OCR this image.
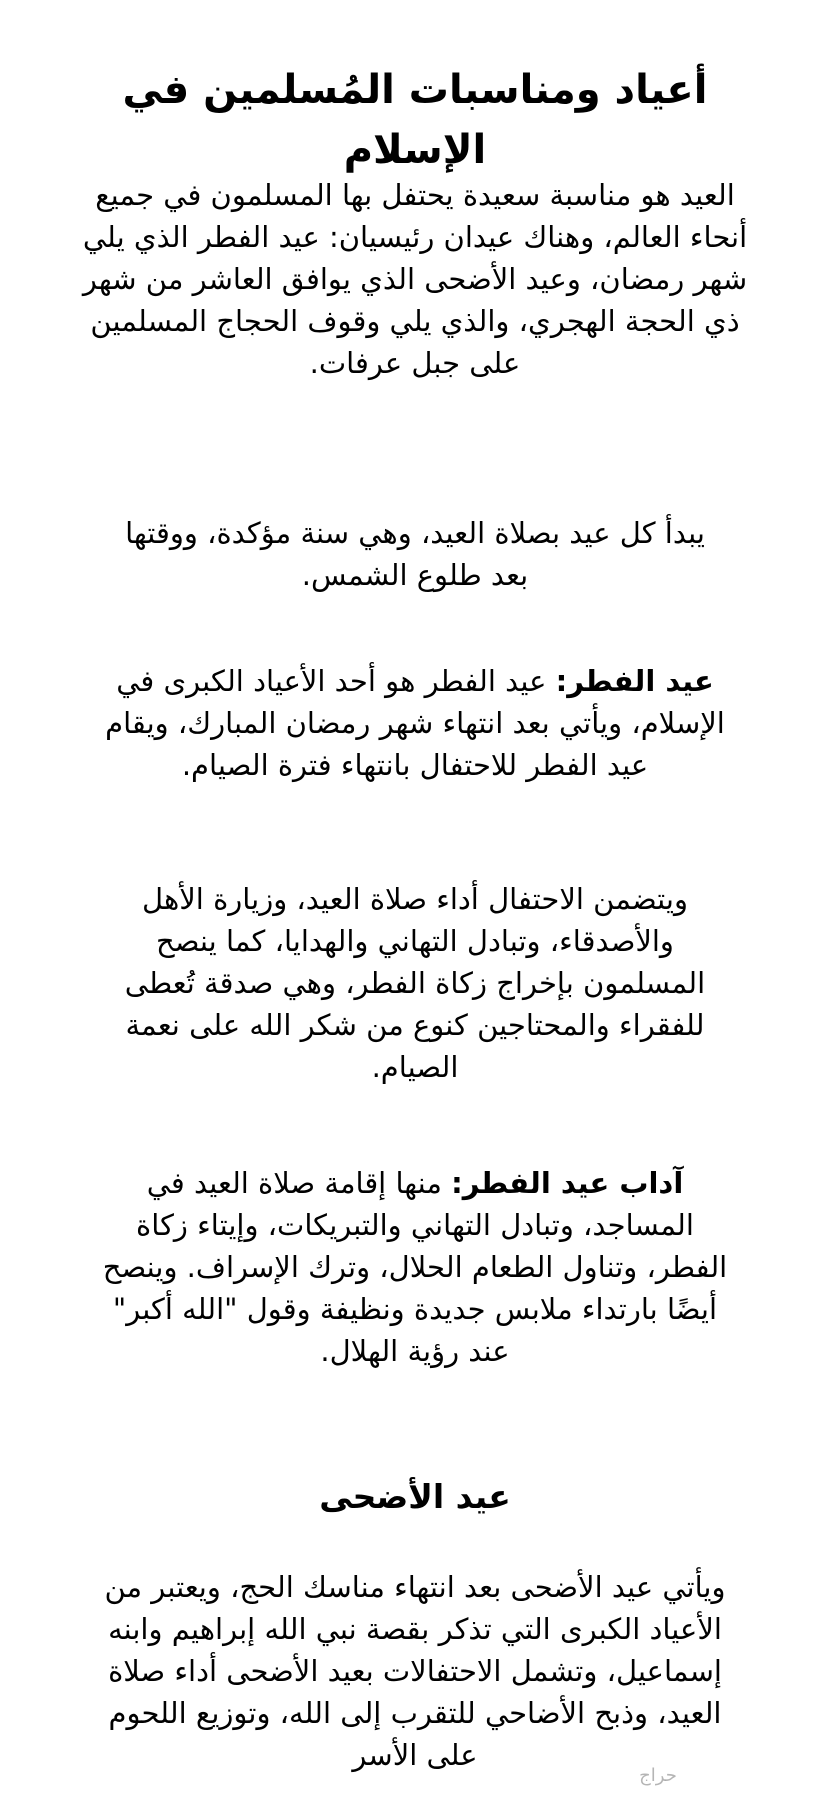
أعياد ومناسبات المُسلمين في الإسلام

العيد هو مناسبة سعيدة يحتفل بها المسلمون في جميع أنحاء العالم، وهناك عيدان رئيسيان: عيد الفطر الذي يلي شهر رمضان، وعيد الأضحى الذي يوافق العاشر من شهر ذي الحجة الهجري، والذي يلي وقوف الحجاج المسلمين على جبل عرفات.

يبدأ كل عيد بصلاة العيد، وهي سنة مؤكدة، ووقتها بعد طلوع الشمس.

عيد الفطر: عيد الفطر هو أحد الأعياد الكبرى في الإسلام، ويأتي بعد انتهاء شهر رمضان المبارك، ويقام عيد الفطر للاحتفال بانتهاء فترة الصيام.

ويتضمن الاحتفال أداء صلاة العيد، وزيارة الأهل والأصدقاء، وتبادل التهاني والهدايا، كما ينصح المسلمون بإخراج زكاة الفطر، وهي صدقة تُعطى للفقراء والمحتاجين كنوع من شكر الله على نعمة الصيام.

آداب عيد الفطر: منها إقامة صلاة العيد في المساجد، وتبادل التهاني والتبريكات، وإيتاء زكاة الفطر، وتناول الطعام الحلال، وترك الإسراف. وينصح أيضًا بارتداء ملابس جديدة ونظيفة وقول "الله أكبر" عند رؤية الهلال.

عيد الأضحى

ويأتي عيد الأضحى بعد انتهاء مناسك الحج، ويعتبر من الأعياد الكبرى التي تذكر بقصة نبي الله إبراهيم وابنه إسماعيل، وتشمل الاحتفالات بعيد الأضحى أداء صلاة العيد، وذبح الأضاحي للتقرب إلى الله، وتوزيع اللحوم على الأسر

حراج
